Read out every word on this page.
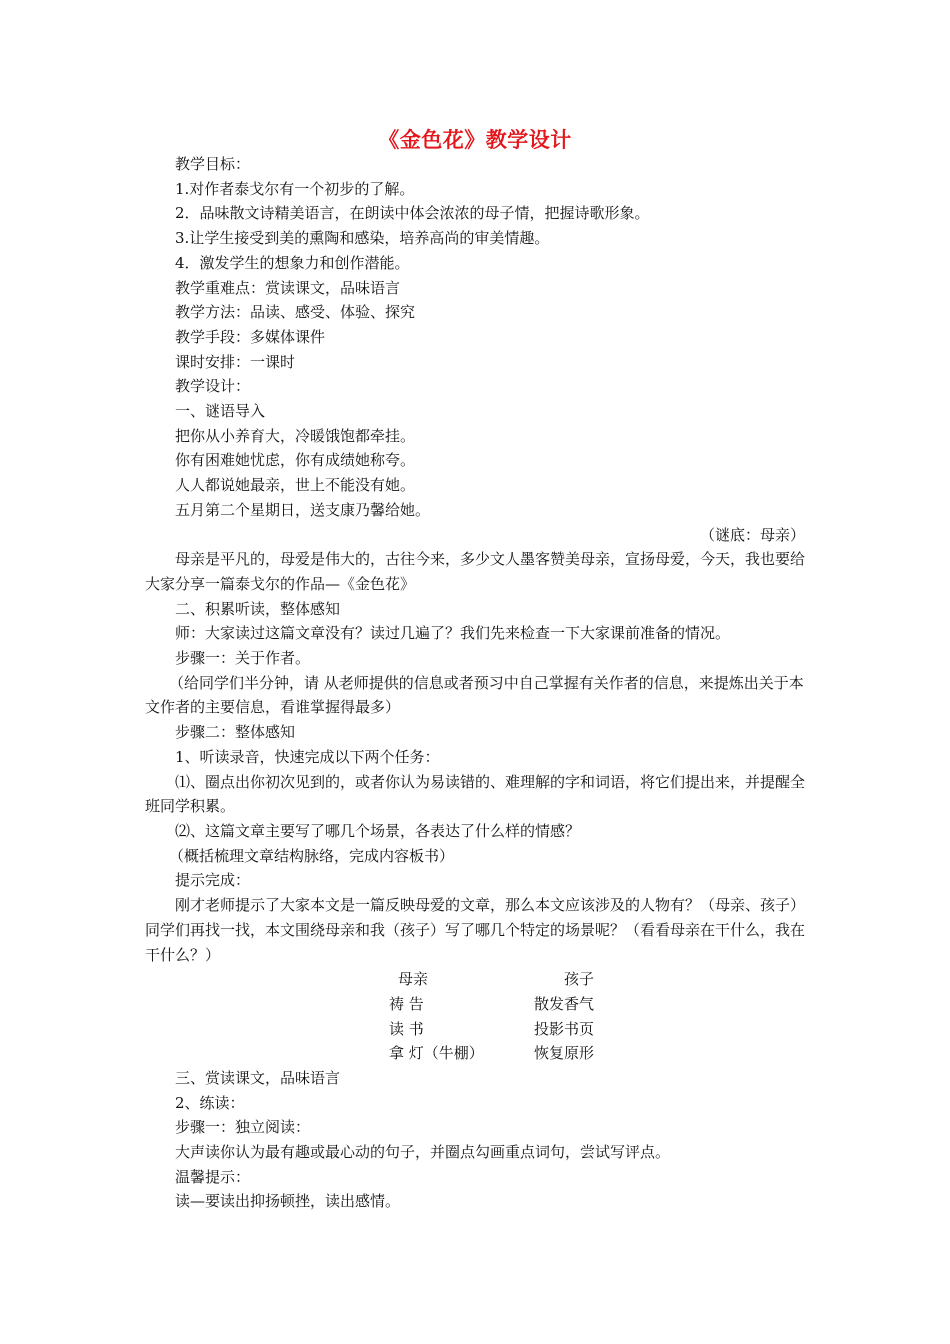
《金色花》教学设计

教学目标：

1.对作者泰戈尔有一个初步的了解。

2．品味散文诗精美语言，在朗读中体会浓浓的母子情，把握诗歌形象。

3.让学生接受到美的熏陶和感染，培养高尚的审美情趣。

4．激发学生的想象力和创作潜能。

教学重难点：赏读课文，品味语言

教学方法：品读、感受、体验、探究

教学手段：多媒体课件

课时安排：一课时

教学设计：

一、谜语导入

把你从小养育大，冷暖饿饱都牵挂。

你有困难她忧虑，你有成绩她称夸。

人人都说她最亲，世上不能没有她。

五月第二个星期日，送支康乃馨给她。

（谜底：母亲）

母亲是平凡的，母爱是伟大的，古往今来，多少文人墨客赞美母亲，宣扬母爱，今天，我也要给大家分享一篇泰戈尔的作品—《金色花》

二、积累听读，整体感知

师：大家读过这篇文章没有？读过几遍了？我们先来检查一下大家课前准备的情况。

步骤一：关于作者。

（给同学们半分钟，请 从老师提供的信息或者预习中自己掌握有关作者的信息，来提炼出关于本文作者的主要信息，看谁掌握得最多）

步骤二：整体感知

1、听读录音，快速完成以下两个任务：

⑴、圈点出你初次见到的，或者你认为易读错的、难理解的字和词语，将它们提出来，并提醒全班同学积累。

⑵、这篇文章主要写了哪几个场景，各表达了什么样的情感？

（概括梳理文章结构脉络，完成内容板书）

提示完成：

刚才老师提示了大家本文是一篇反映母爱的文章，那么本文应该涉及的人物有？（母亲、孩子）同学们再找一找，本文围绕母亲和我（孩子）写了哪几个特定的场景呢？（看看母亲在干什么，我在干什么？）

母亲	孩子
祷 告	散发香气
读 书	投影书页
拿 灯（牛棚）	恢复原形

三、赏读课文，品味语言

2、练读：

步骤一：独立阅读：

大声读你认为最有趣或最心动的句子，并圈点勾画重点词句，尝试写评点。

温馨提示：

读—要读出抑扬顿挫，读出感情。
